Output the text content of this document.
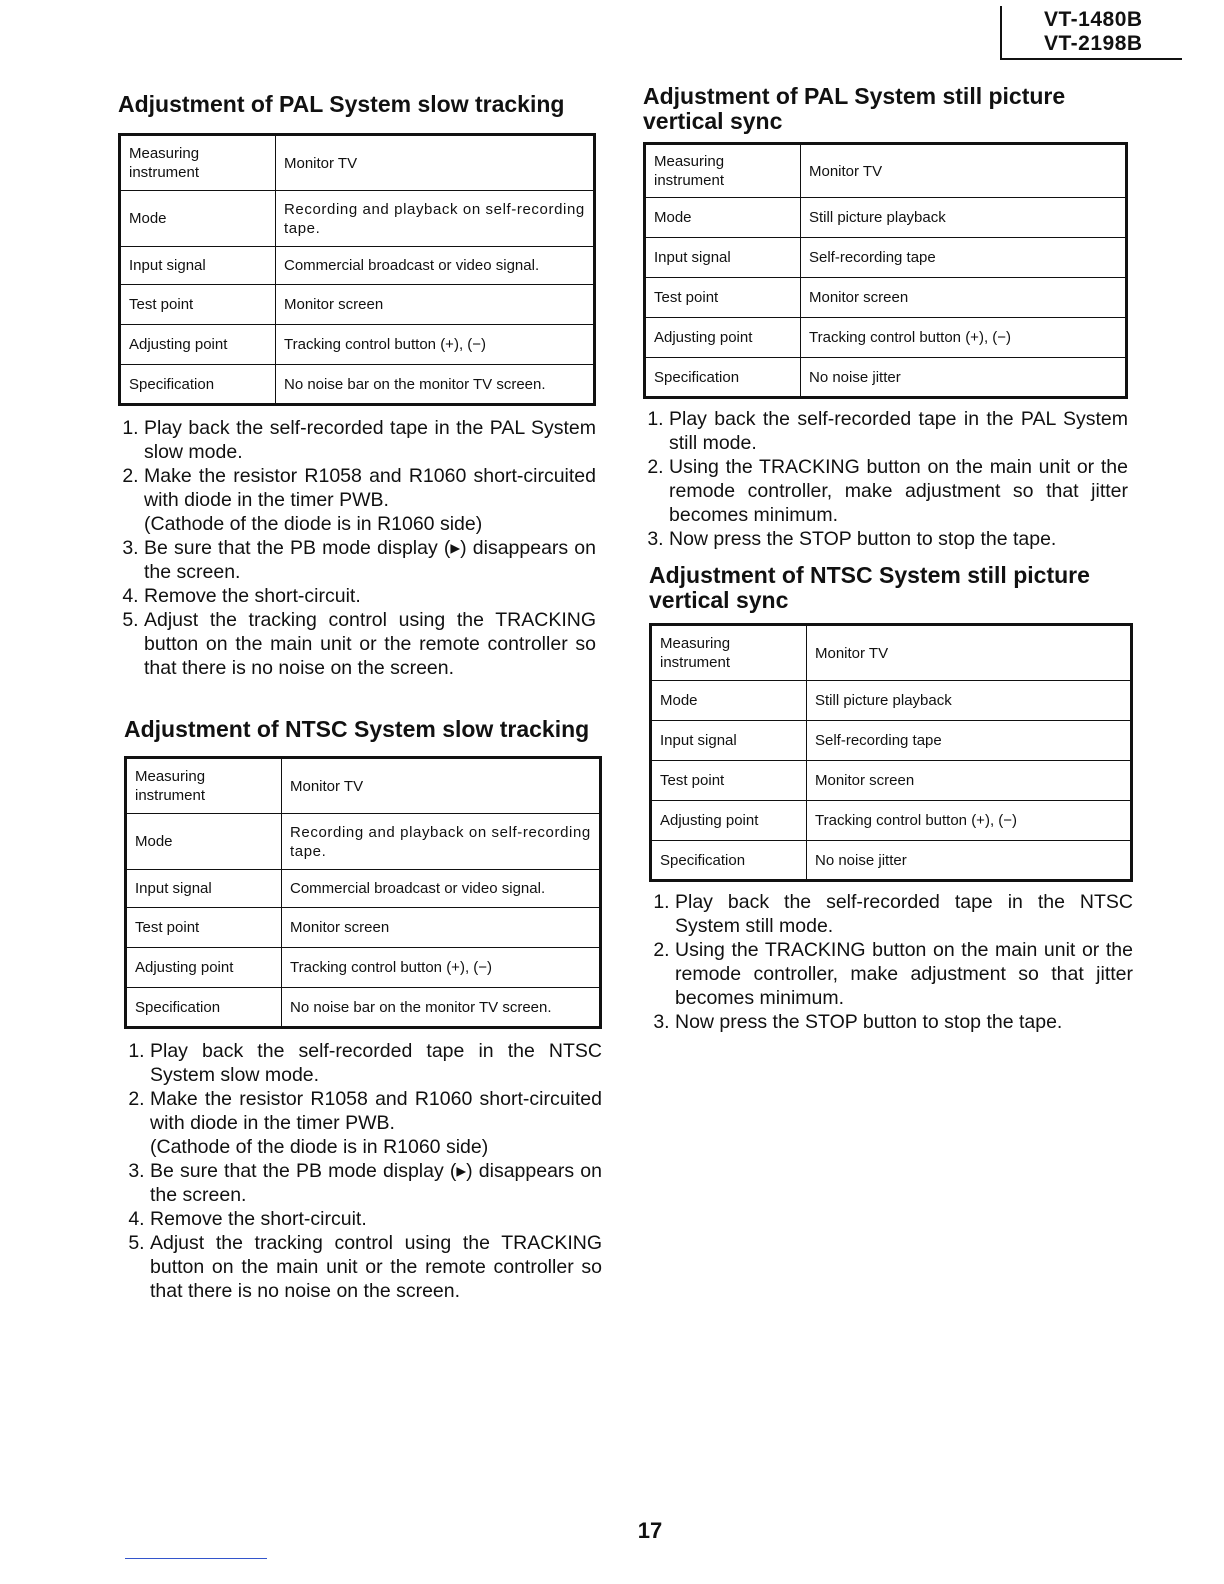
VT-1480B
VT-2198B
Adjustment of PAL System slow tracking
Measuring instrument	Monitor TV
Mode	Recording and playback on self-recording tape.
Input signal	Commercial broadcast or video signal.
Test point	Monitor screen
Adjusting point	Tracking control button (+), (−)
Specification	No noise bar on the monitor TV screen.
1. Play back the self-recorded tape in the PAL System slow mode.
2. Make the resistor R1058 and R1060 short-circuited with diode in the timer PWB.
(Cathode of the diode is in R1060 side)
3. Be sure that the PB mode display (▸) disappears on the screen.
4. Remove the short-circuit.
5. Adjust the tracking control using the TRACKING button on the main unit or the remote controller so that there is no noise on the screen.
Adjustment of NTSC System slow tracking
Measuring instrument	Monitor TV
Mode	Recording and playback on self-recording tape.
Input signal	Commercial broadcast or video signal.
Test point	Monitor screen
Adjusting point	Tracking control button (+), (−)
Specification	No noise bar on the monitor TV screen.
1. Play back the self-recorded tape in the NTSC System slow mode.
2. Make the resistor R1058 and R1060 short-circuited with diode in the timer PWB.
(Cathode of the diode is in R1060 side)
3. Be sure that the PB mode display (▸) disappears on the screen.
4. Remove the short-circuit.
5. Adjust the tracking control using the TRACKING button on the main unit or the remote controller so that there is no noise on the screen.
Adjustment of PAL System still picture vertical sync
Measuring instrument	Monitor TV
Mode	Still picture playback
Input signal	Self-recording tape
Test point	Monitor screen
Adjusting point	Tracking control button (+), (−)
Specification	No noise jitter
1. Play back the self-recorded tape in the PAL System still mode.
2. Using the TRACKING button on the main unit or the remode controller, make adjustment so that jitter becomes minimum.
3. Now press the STOP button to stop the tape.
Adjustment of NTSC System still picture vertical sync
Measuring instrument	Monitor TV
Mode	Still picture playback
Input signal	Self-recording tape
Test point	Monitor screen
Adjusting point	Tracking control button (+), (−)
Specification	No noise jitter
1. Play back the self-recorded tape in the NTSC System still mode.
2. Using the TRACKING button on the main unit or the remode controller, make adjustment so that jitter becomes minimum.
3. Now press the STOP button to stop the tape.
17
